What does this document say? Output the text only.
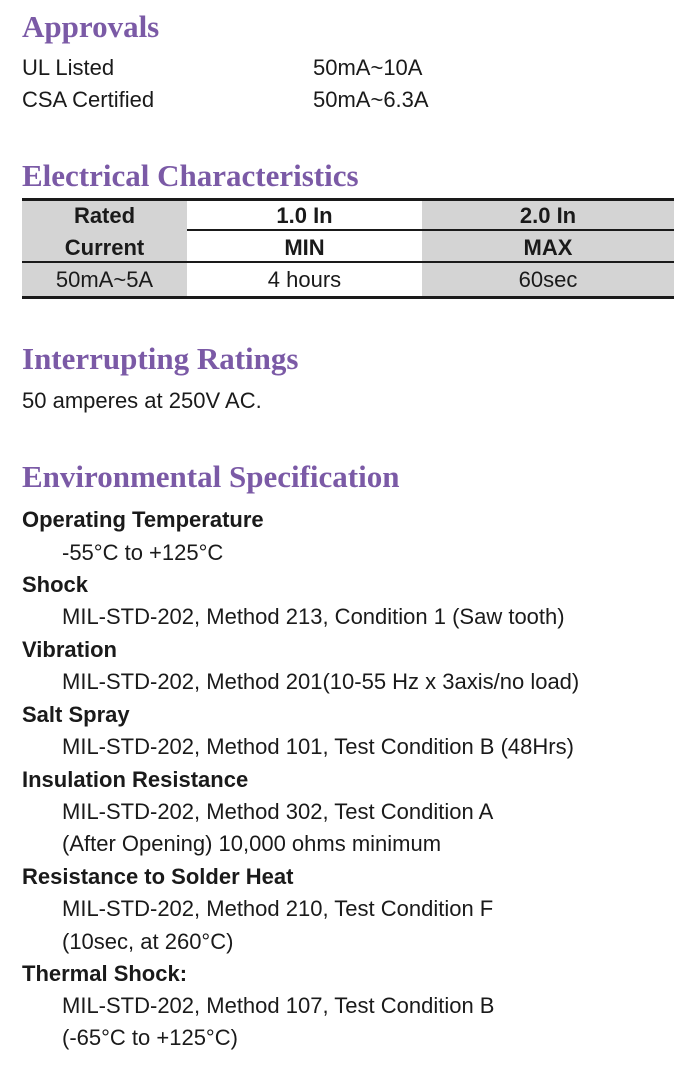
Approvals
UL Listed	50mA~10A
CSA Certified	50mA~6.3A
Electrical Characteristics
Rated	1.0 In	2.0 In
Current	MIN	MAX
50mA~5A	4 hours	60sec
Interrupting Ratings
50 amperes at 250V AC.
Environmental Specification
Operating Temperature
-55°C to +125°C
Shock
MIL-STD-202, Method 213, Condition 1 (Saw tooth)
Vibration
MIL-STD-202, Method 201(10-55 Hz x 3axis/no load)
Salt Spray
MIL-STD-202, Method 101, Test Condition B (48Hrs)
Insulation Resistance
MIL-STD-202, Method 302, Test Condition A
(After Opening) 10,000 ohms minimum
Resistance to Solder Heat
MIL-STD-202, Method 210, Test Condition F
(10sec, at 260°C)
Thermal Shock:
MIL-STD-202, Method 107, Test Condition B
(-65°C to +125°C)
